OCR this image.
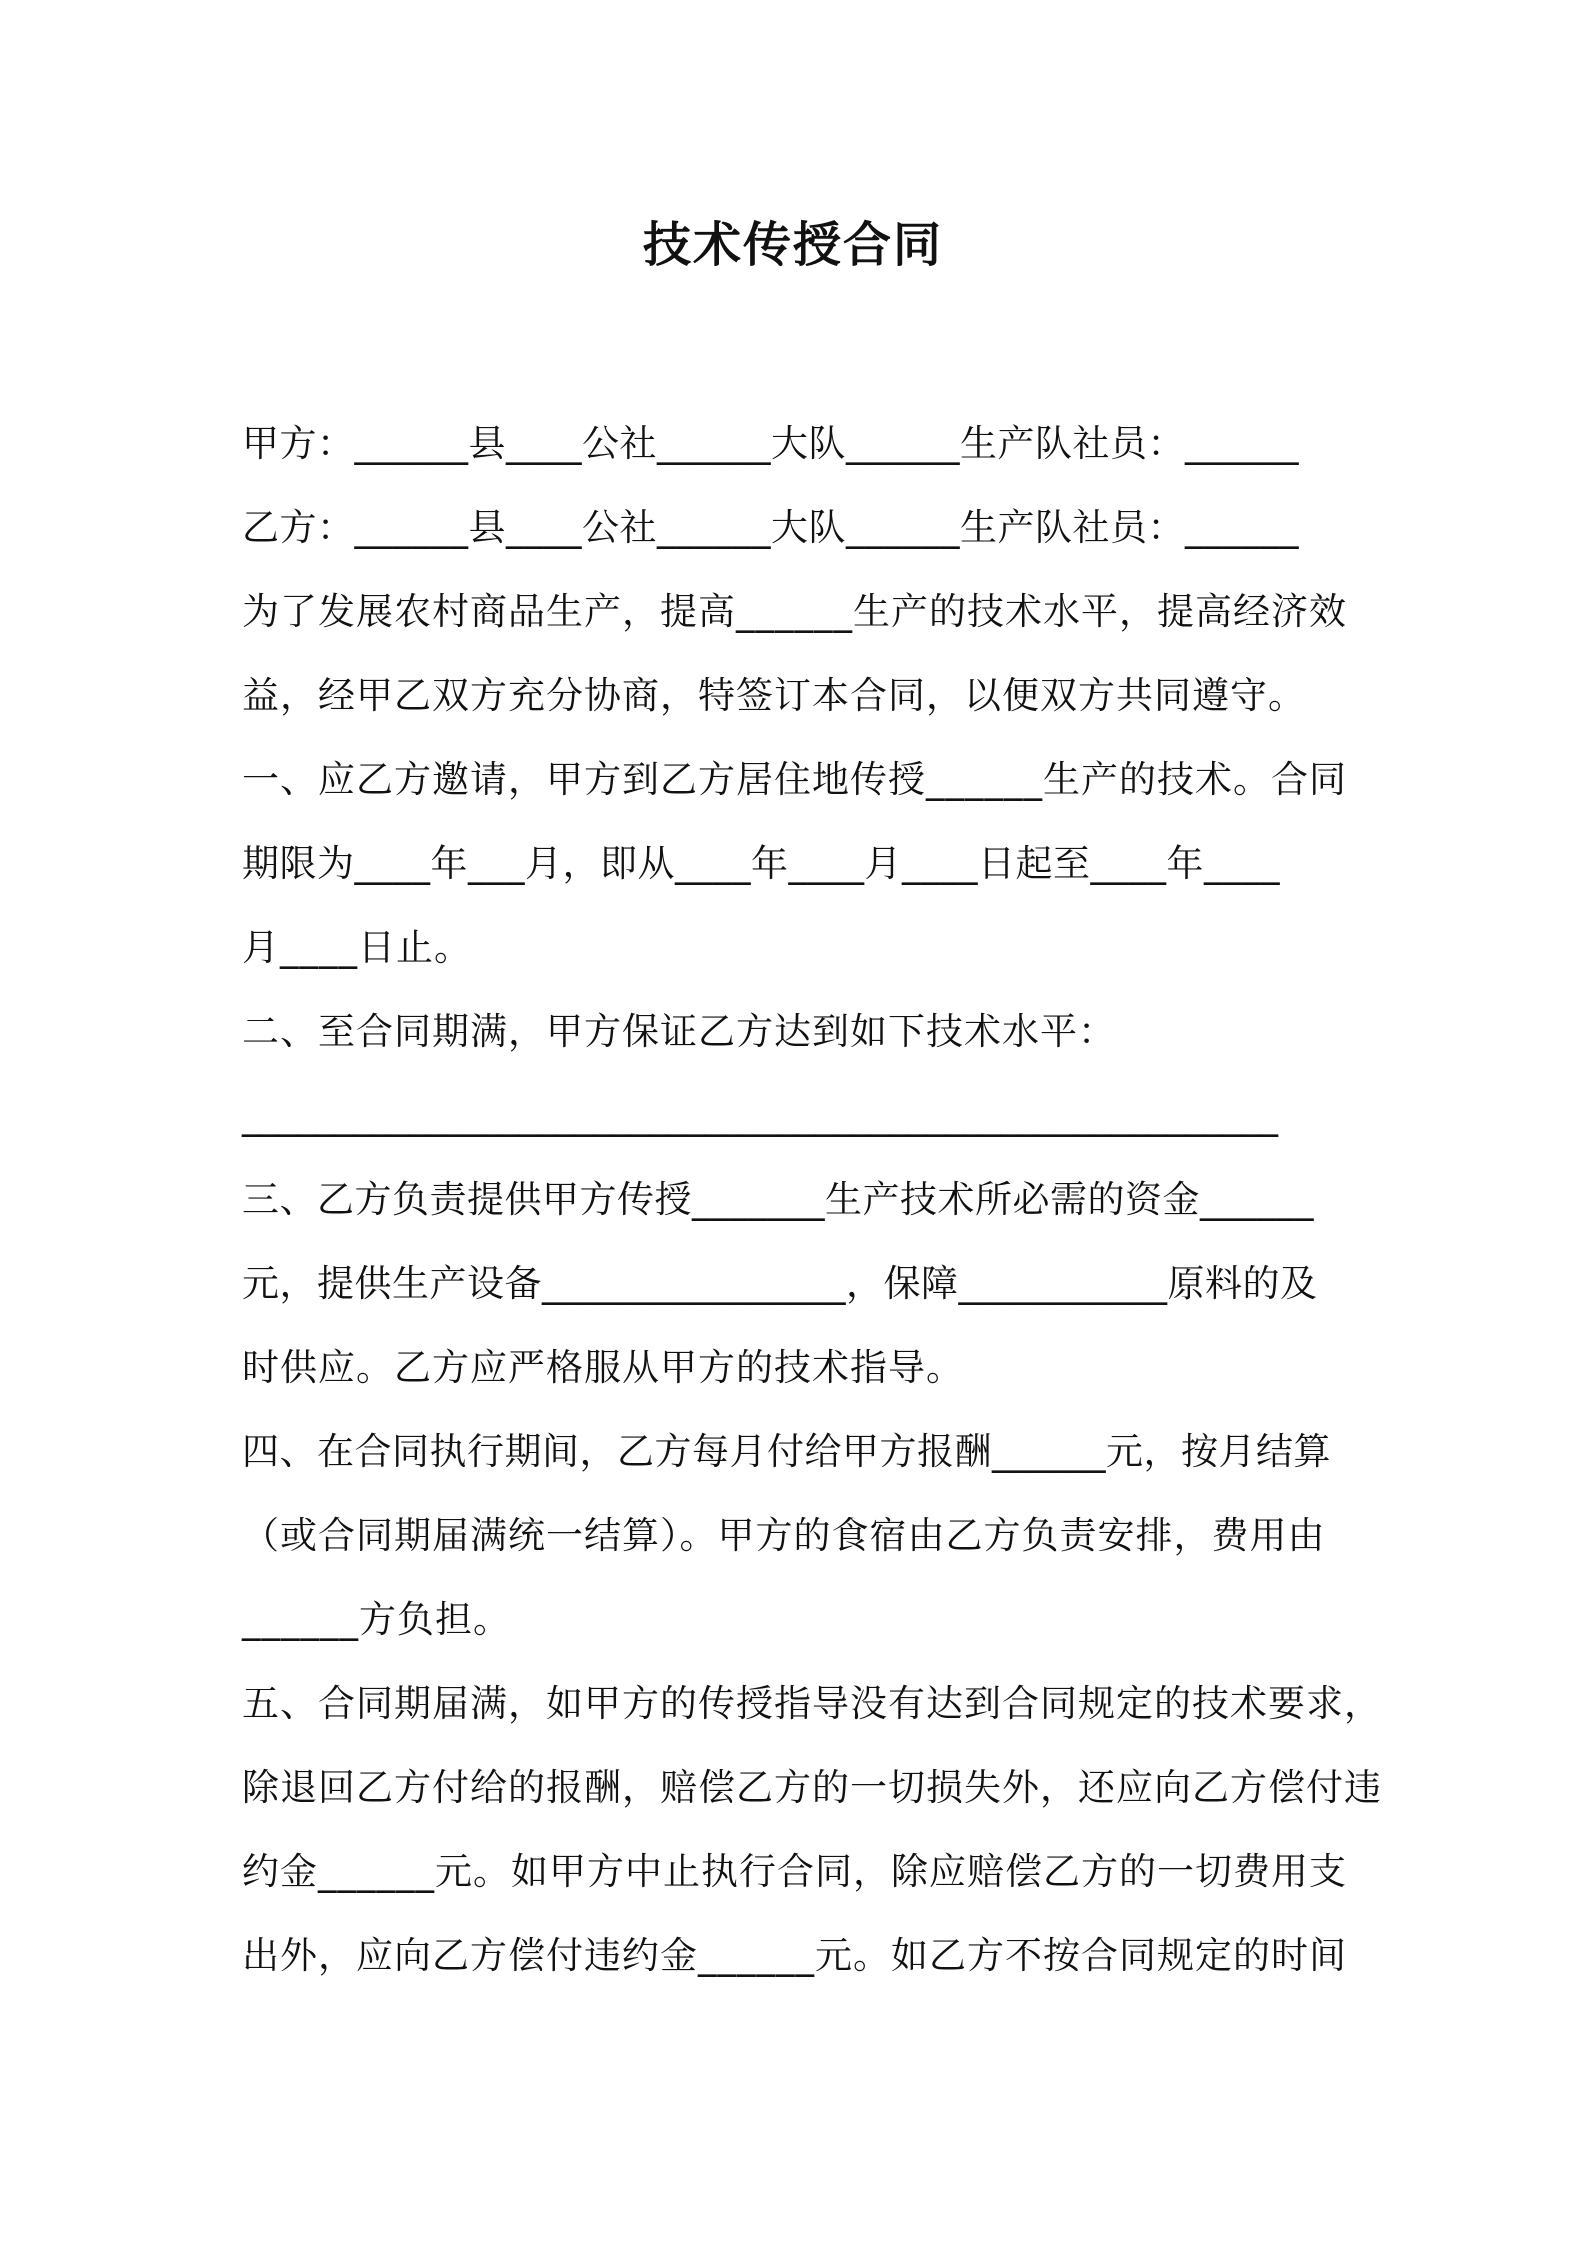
技术传授合同
甲方：______县____公社______大队______生产队社员：______
乙方：______县____公社______大队______生产队社员：______
为了发展农村商品生产，提高______生产的技术水平，提高经济效
益，经甲乙双方充分协商，特签订本合同，以便双方共同遵守。
一、应乙方邀请，甲方到乙方居住地传授______生产的技术。合同
期限为____年___月，即从____年____月____日起至____年____
月____日止。
二、至合同期满，甲方保证乙方达到如下技术水平：
________________________________________________________
三、乙方负责提供甲方传授_______生产技术所必需的资金______
元，提供生产设备________________，保障___________原料的及
时供应。乙方应严格服从甲方的技术指导。
四、在合同执行期间，乙方每月付给甲方报酬______元，按月结算
（或合同期届满统一结算）。甲方的食宿由乙方负责安排，费用由
______方负担。
五、合同期届满，如甲方的传授指导没有达到合同规定的技术要求，
除退回乙方付给的报酬，赔偿乙方的一切损失外，还应向乙方偿付违
约金______元。如甲方中止执行合同，除应赔偿乙方的一切费用支
出外，应向乙方偿付违约金______元。如乙方不按合同规定的时间
